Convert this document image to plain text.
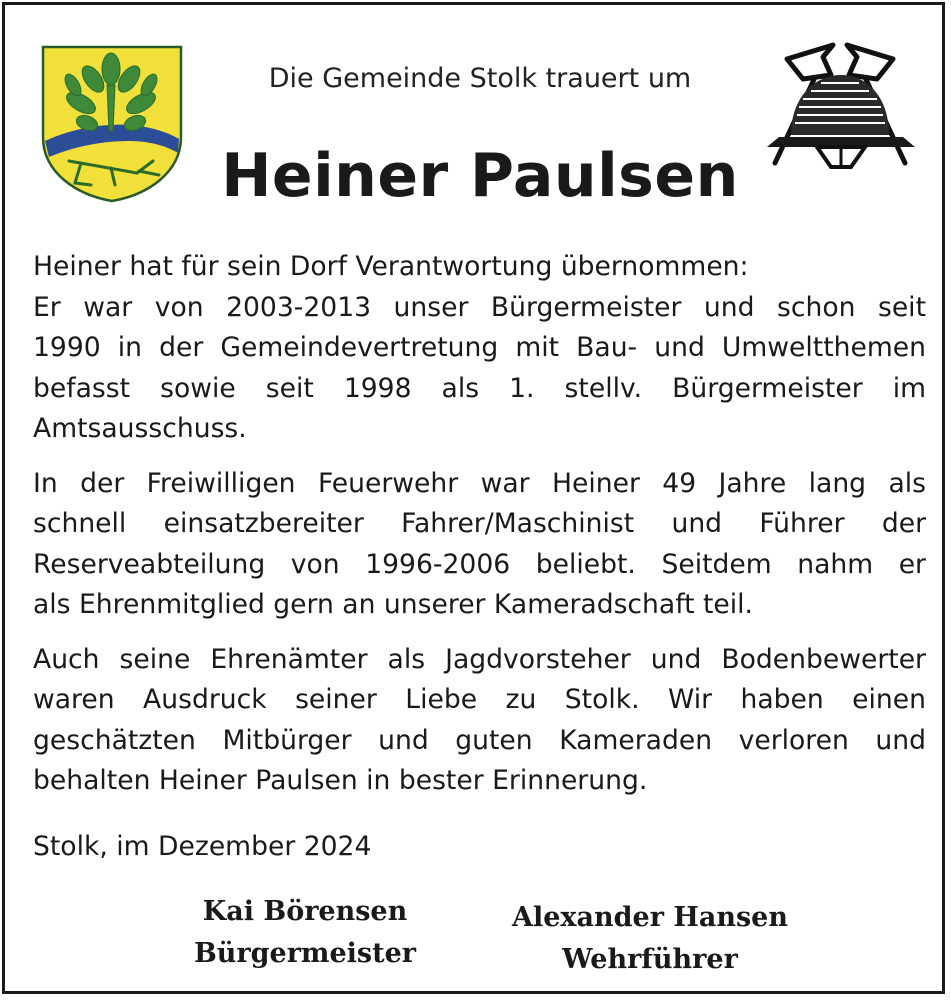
Die Gemeinde Stolk trauert um
Heiner Paulsen

Heiner hat für sein Dorf Verantwortung übernommen:
Er war von 2003-2013 unser Bürgermeister und schon seit
1990 in der Gemeindevertretung mit Bau- und Umweltthemen
befasst sowie seit 1998 als 1. stellv. Bürgermeister im
Amtsausschuss.

In der Freiwilligen Feuerwehr war Heiner 49 Jahre lang als
schnell einsatzbereiter Fahrer/Maschinist und Führer der
Reserveabteilung von 1996-2006 beliebt. Seitdem nahm er
als Ehrenmitglied gern an unserer Kameradschaft teil.

Auch seine Ehrenämter als Jagdvorsteher und Bodenbewerter
waren Ausdruck seiner Liebe zu Stolk. Wir haben einen
geschätzten Mitbürger und guten Kameraden verloren und
behalten Heiner Paulsen in bester Erinnerung.

Stolk, im Dezember 2024
Kai Börensen
Bürgermeister
Alexander Hansen
Wehrführer
